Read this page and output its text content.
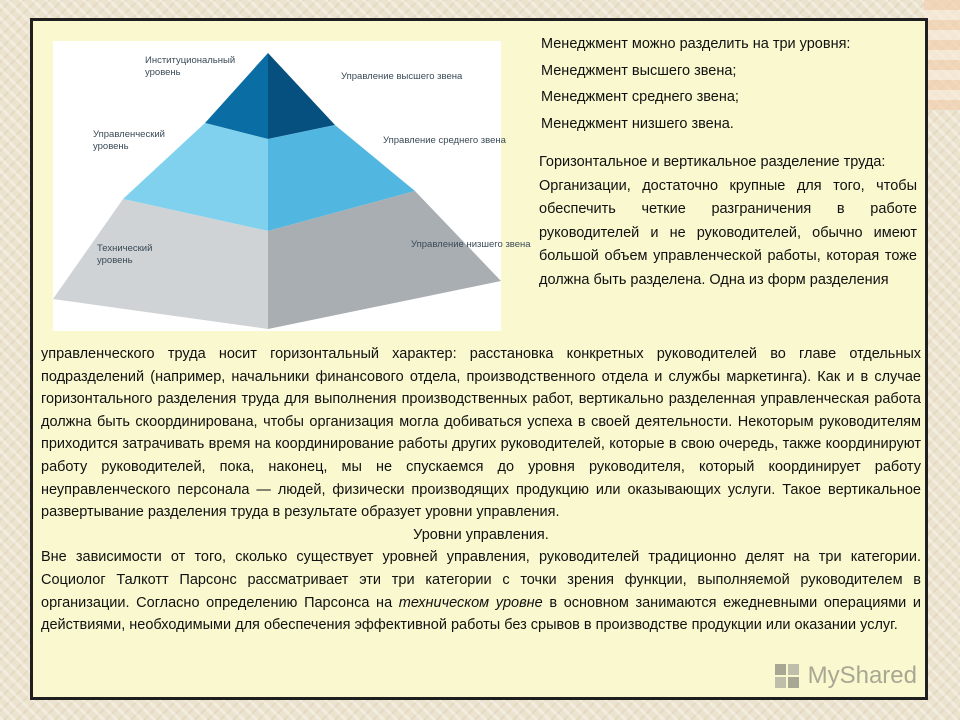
Институциональный уровень
Управленческий уровень
Технический уровень
Управление высшего звена
Управление среднего звена
Управление низшего звена
Менеджмент можно разделить на три уровня:
Менеджмент высшего звена;
Менеджмент среднего звена;
Менеджмент низшего звена.
Горизонтальное и вертикальное разделение труда:
Организации, достаточно крупные для того, чтобы обеспечить четкие разграничения в работе руководителей и не руководителей, обычно имеют большой объем управленческой работы, которая тоже должна быть разделена. Одна из форм разделения
управленческого труда носит горизонтальный характер: расстановка конкретных руководителей во главе отдельных подразделений (например, начальники финансового отдела, производственного отдела и службы маркетинга). Как и в случае горизонтального разделения труда для выполнения производственных работ, вертикально разделенная управленческая работа должна быть скоординирована, чтобы организация могла добиваться успеха в своей деятельности. Некоторым руководителям приходится затрачивать время на координирование работы других руководителей, которые в свою очередь, также координируют работу руководителей, пока, наконец, мы не спускаемся до уровня руководителя, который координирует работу неуправленческого персонала — людей, физически производящих продукцию или оказывающих услуги. Такое вертикальное развертывание разделения труда в результате образует уровни управления.
Уровни управления.
Вне зависимости от того, сколько существует уровней управления, руководителей традиционно делят на три категории. Социолог Талкотт Парсонс рассматривает эти три категории с точки зрения функции, выполняемой руководителем в организации. Согласно определению Парсонса на техническом уровне в основном занимаются ежедневными операциями и действиями, необходимыми для обеспечения эффективной работы без срывов в производстве продукции или оказании услуг.
MyShared
